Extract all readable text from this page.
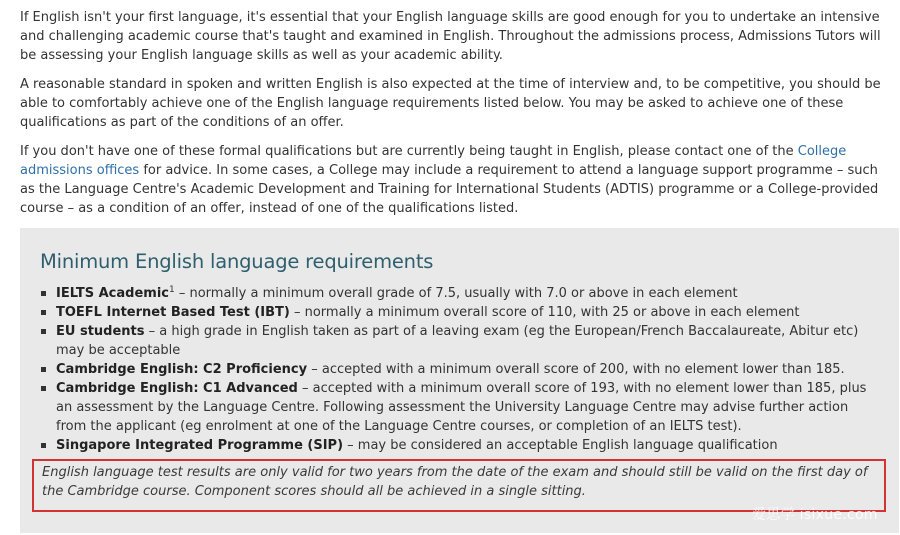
If English isn't your first language, it's essential that your English language skills are good enough for you to undertake an intensive and challenging academic course that's taught and examined in English. Throughout the admissions process, Admissions Tutors will be assessing your English language skills as well as your academic ability.

A reasonable standard in spoken and written English is also expected at the time of interview and, to be competitive, you should be able to comfortably achieve one of the English language requirements listed below. You may be asked to achieve one of these qualifications as part of the conditions of an offer.

If you don't have one of these formal qualifications but are currently being taught in English, please contact one of the College admissions offices for advice. In some cases, a College may include a requirement to attend a language support programme – such as the Language Centre's Academic Development and Training for International Students (ADTIS) programme or a College-provided course – as a condition of an offer, instead of one of the qualifications listed.

Minimum English language requirements
IELTS Academic$^1$ – normally a minimum overall grade of 7.5, usually with 7.0 or above in each element
TOEFL Internet Based Test (IBT) – normally a minimum overall score of 110, with 25 or above in each element
EU students – a high grade in English taken as part of a leaving exam (eg the European/French Baccalaureate, Abitur etc) may be acceptable
Cambridge English: C2 Proficiency – accepted with a minimum overall score of 200, with no element lower than 185.
Cambridge English: C1 Advanced – accepted with a minimum overall score of 193, with no element lower than 185, plus an assessment by the Language Centre. Following assessment the University Language Centre may advise further action from the applicant (eg enrolment at one of the Language Centre courses, or completion of an IELTS test).
Singapore Integrated Programme (SIP) – may be considered an acceptable English language qualification
English language test results are only valid for two years from the date of the exam and should still be valid on the first day of the Cambridge course. Component scores should all be achieved in a single sitting.
爱思学 isixue.com
